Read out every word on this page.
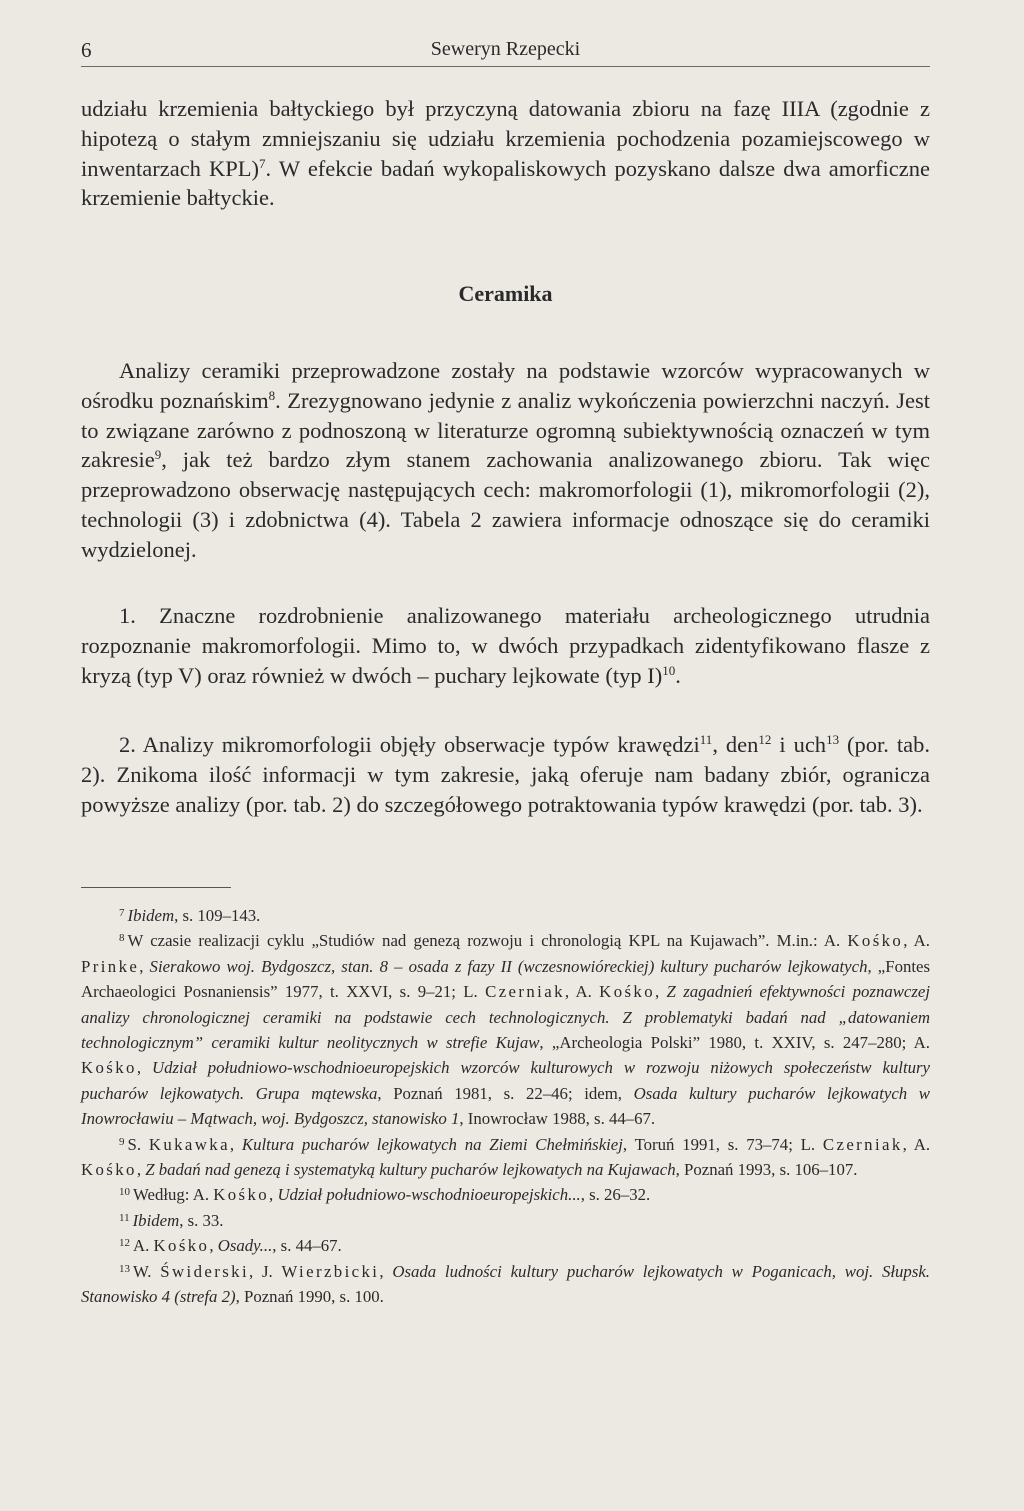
6	Seweryn Rzepecki

udziału krzemienia bałtyckiego był przyczyną datowania zbioru na fazę IIIA (zgodnie z hipotezą o stałym zmniejszaniu się udziału krzemienia pochodzenia pozamiejscowego w inwentarzach KPL)$^7$. W efekcie badań wykopaliskowych pozyskano dalsze dwa amorficzne krzemienie bałtyckie.

Ceramika

Analizy ceramiki przeprowadzone zostały na podstawie wzorców wypracowanych w ośrodku poznańskim$^8$. Zrezygnowano jedynie z analiz wykończenia powierzchni naczyń. Jest to związane zarówno z podnoszoną w literaturze ogromną subiektywnością oznaczeń w tym zakresie$^9$, jak też bardzo złym stanem zachowania analizowanego zbioru. Tak więc przeprowadzono obserwację następujących cech: makromorfologii (1), mikromorfologii (2), technologii (3) i zdobnictwa (4). Tabela 2 zawiera informacje odnoszące się do ceramiki wydzielonej.

1. Znaczne rozdrobnienie analizowanego materiału archeologicznego utrudnia rozpoznanie makromorfologii. Mimo to, w dwóch przypadkach zidentyfikowano flasze z kryzą (typ V) oraz również w dwóch – puchary lejkowate (typ I)$^{10}$.

2. Analizy mikromorfologii objęły obserwacje typów krawędzi$^{11}$, den$^{12}$ i uch$^{13}$ (por. tab. 2). Znikoma ilość informacji w tym zakresie, jaką oferuje nam badany zbiór, ogranicza powyższe analizy (por. tab. 2) do szczegółowego potraktowania typów krawędzi (por. tab. 3).

$^7$ Ibidem, s. 109–143.

$^8$ W czasie realizacji cyklu „Studiów nad genezą rozwoju i chronologią KPL na Kujawach”. M.in.: A. Kośko, A. Prinke, Sierakowo woj. Bydgoszcz, stan. 8 – osada z fazy II (wczesnowióreckiej) kultury pucharów lejkowatych, „Fontes Archaeologici Posnaniensis” 1977, t. XXVI, s. 9–21; L. Czerniak, A. Kośko, Z zagadnień efektywności poznawczej analizy chronologicznej ceramiki na podstawie cech technologicznych. Z problematyki badań nad „datowaniem technologicznym” ceramiki kultur neolitycznych w strefie Kujaw, „Archeologia Polski” 1980, t. XXIV, s. 247–280; A. Kośko, Udział południowo-wschodnioeuropejskich wzorców kulturowych w rozwoju niżowych społeczeństw kultury pucharów lejkowatych. Grupa mątewska, Poznań 1981, s. 22–46; idem, Osada kultury pucharów lejkowatych w Inowrocławiu – Mątwach, woj. Bydgoszcz, stanowisko 1, Inowrocław 1988, s. 44–67.

$^9$ S. Kukawka, Kultura pucharów lejkowatych na Ziemi Chełmińskiej, Toruń 1991, s. 73–74; L. Czerniak, A. Kośko, Z badań nad genezą i systematyką kultury pucharów lejkowatych na Kujawach, Poznań 1993, s. 106–107.

$^{10}$ Według: A. Kośko, Udział południowo-wschodnioeuropejskich..., s. 26–32.

$^{11}$ Ibidem, s. 33.

$^{12}$ A. Kośko, Osady..., s. 44–67.

$^{13}$ W. Świderski, J. Wierzbicki, Osada ludności kultury pucharów lejkowatych w Poganicach, woj. Słupsk. Stanowisko 4 (strefa 2), Poznań 1990, s. 100.
